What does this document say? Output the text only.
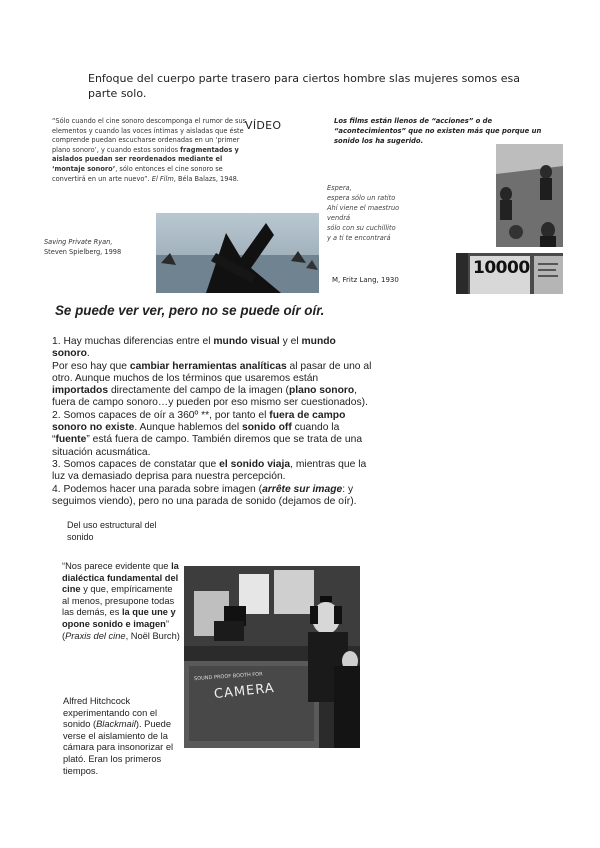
Enfoque del cuerpo parte trasero para ciertos hombre slas mujeres somos esa parte solo.
“Sólo cuando el cine sonoro descomponga el rumor de sus elementos y cuando las voces íntimas y aisladas que éste comprende puedan escucharse ordenadas en un ‘primer plano sonoro’, y cuando estos sonidos fragmentados y aislados puedan ser reordenados mediante el ‘montaje sonoro’, sólo entonces el cine sonoro se convertirá en un arte nuevo”. El Film, Béla Balazs, 1948.
VÍDEO	Los films están llenos de “acciones” o de “acontecimientos” que no existen más que porque un sonido los ha sugerido.
Espera,
espera sólo un ratito
Ahí viene el maestruo
vendrá
sólo con su cuchillito
y a ti te encontrará
Saving Private Ryan,
Steven Spielberg, 1998
M, Fritz Lang, 1930
10000
Se puede ver ver, pero no se puede oír oír.

1. Hay muchas diferencias entre el mundo visual y el mundo sonoro.

Por eso hay que cambiar herramientas analíticas al pasar de uno al otro. Aunque muchos de los términos que usaremos están importados directamente del campo de la imagen (plano sonoro, fuera de campo sonoro…y pueden por eso mismo ser cuestionados).

2. Somos capaces de oír a 360º **, por tanto el fuera de campo sonoro no existe. Aunque hablemos del sonido off cuando la “fuente” está fuera de campo. También diremos que se trata de una situación acusmática.

3. Somos capaces de constatar que el sonido viaja, mientras que la luz va demasiado deprisa para nuestra percepción.

4. Podemos hacer una parada sobre imagen (arrête sur image: y seguimos viendo), pero no una parada de sonido (dejamos de oír).

Del uso estructural del sonido
“Nos parece evidente que la dialéctica fundamental del cine y que, empíricamente al menos, presupone todas las demás, es la que une y opone sonido e imagen” (Praxis del cine, Noël Burch)
SOUND PROOF BOOTH FOR
CAMERA
Alfred Hitchcock experimentando con el sonido (Blackmail). Puede verse el aislamiento de la cámara para insonorizar el plató. Eran los primeros tiempos.
